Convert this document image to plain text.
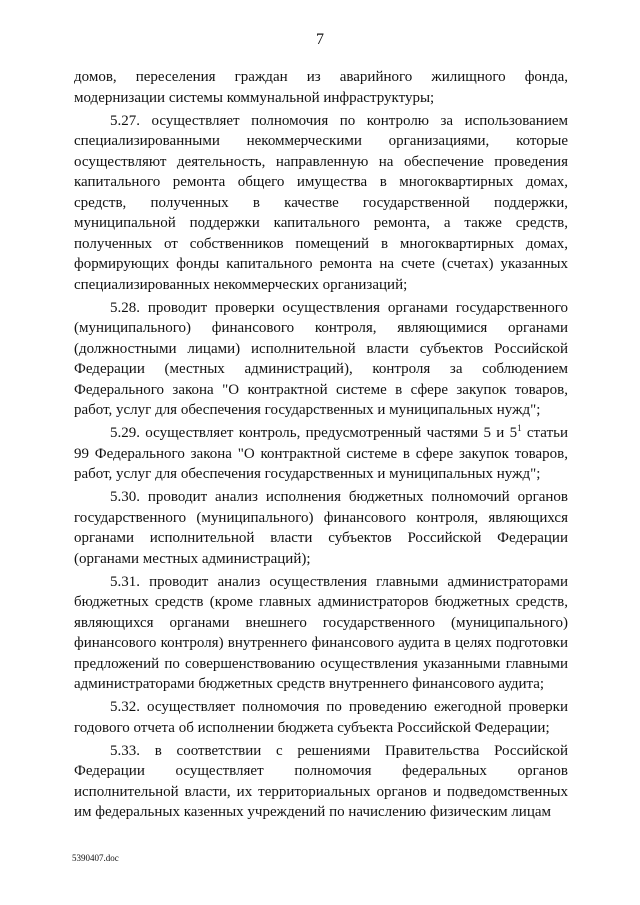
7

домов, переселения граждан из аварийного жилищного фонда, модернизации системы коммунальной инфраструктуры;

5.27. осуществляет полномочия по контролю за использованием специализированными некоммерческими организациями, которые осуществляют деятельность, направленную на обеспечение проведения капитального ремонта общего имущества в многоквартирных домах, средств, полученных в качестве государственной поддержки, муниципальной поддержки капитального ремонта, а также средств, полученных от собственников помещений в многоквартирных домах, формирующих фонды капитального ремонта на счете (счетах) указанных специализированных некоммерческих организаций;

5.28. проводит проверки осуществления органами государственного (муниципального) финансового контроля, являющимися органами (должностными лицами) исполнительной власти субъектов Российской Федерации (местных администраций), контроля за соблюдением Федерального закона "О контрактной системе в сфере закупок товаров, работ, услуг для обеспечения государственных и муниципальных нужд";

5.29. осуществляет контроль, предусмотренный частями 5 и $5^1$ статьи 99 Федерального закона "О контрактной системе в сфере закупок товаров, работ, услуг для обеспечения государственных и муниципальных нужд";

5.30. проводит анализ исполнения бюджетных полномочий органов государственного (муниципального) финансового контроля, являющихся органами исполнительной власти субъектов Российской Федерации (органами местных администраций);

5.31. проводит анализ осуществления главными администраторами бюджетных средств (кроме главных администраторов бюджетных средств, являющихся органами внешнего государственного (муниципального) финансового контроля) внутреннего финансового аудита в целях подготовки предложений по совершенствованию осуществления указанными главными администраторами бюджетных средств внутреннего финансового аудита;

5.32. осуществляет полномочия по проведению ежегодной проверки годового отчета об исполнении бюджета субъекта Российской Федерации;

5.33. в соответствии с решениями Правительства Российской Федерации осуществляет полномочия федеральных органов исполнительной власти, их территориальных органов и подведомственных им федеральных казенных учреждений по начислению физическим лицам

5390407.doc
